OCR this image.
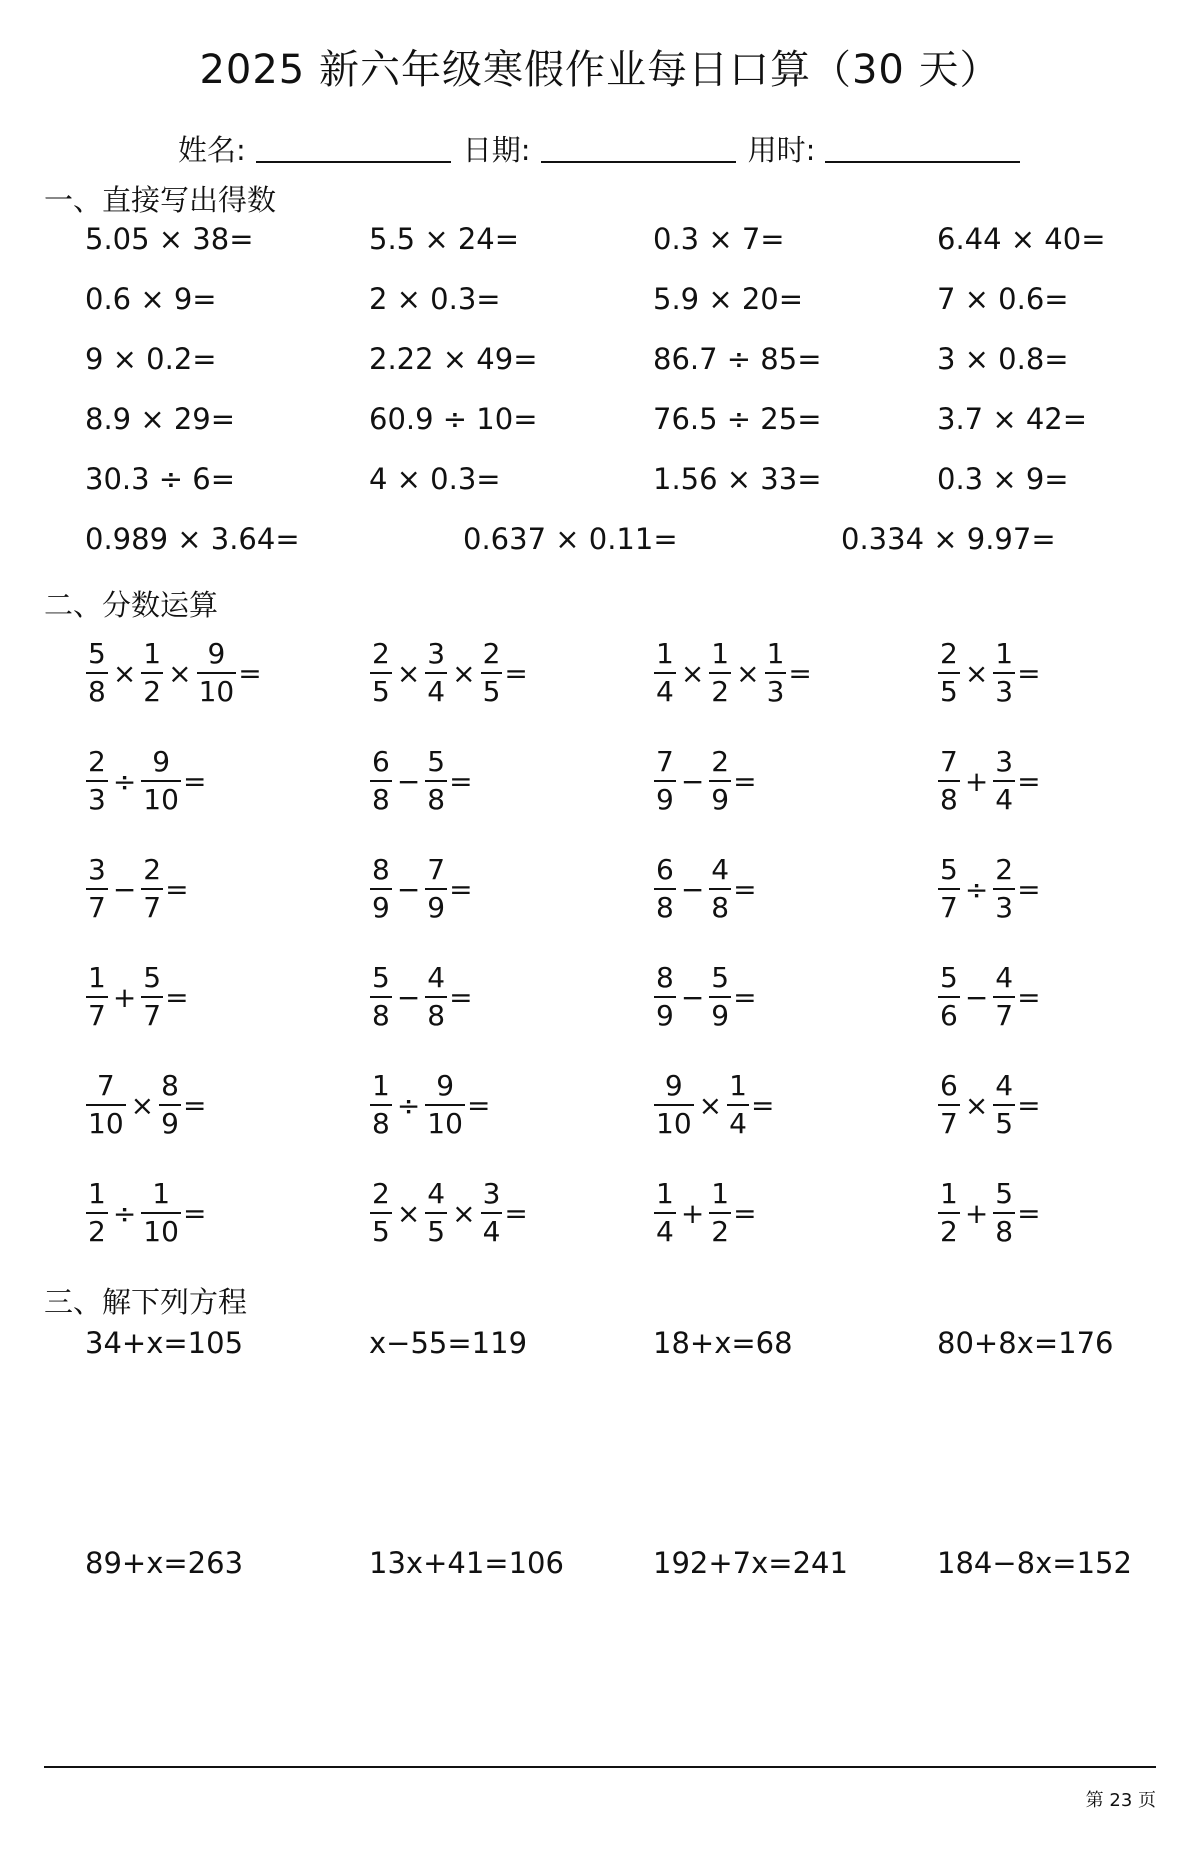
2025 新六年级寒假作业每日口算（30 天）
姓名:	日期:	用时:
一、直接写出得数
5.05 × 38=	5.5 × 24=	0.3 × 7=	6.44 × 40=
0.6 × 9=	2 × 0.3=	5.9 × 20=	7 × 0.6=
9 × 0.2=	2.22 × 49=	86.7 ÷ 85=	3 × 0.8=
8.9 × 29=	60.9 ÷ 10=	76.5 ÷ 25=	3.7 × 42=
30.3 ÷ 6=	4 × 0.3=	1.56 × 33=	0.3 × 9=
0.989 × 3.64=	0.637 × 0.11=	0.334 × 9.97=
二、分数运算
$\frac{5}{8} \times \frac{1}{2} \times \frac{9}{10}$ =	$\frac{2}{5} \times \frac{3}{4} \times \frac{2}{5}$ =	$\frac{1}{4} \times \frac{1}{2} \times \frac{1}{3}$ =	$\frac{2}{5} \times \frac{1}{3}$ =
$\frac{2}{3} \div \frac{9}{10}$ =	$\frac{6}{8} - \frac{5}{8}$ =	$\frac{7}{9} - \frac{2}{9}$ =	$\frac{7}{8} + \frac{3}{4}$ =
$\frac{3}{7} - \frac{2}{7}$ =	$\frac{8}{9} - \frac{7}{9}$ =	$\frac{6}{8} - \frac{4}{8}$ =	$\frac{5}{7} \div \frac{2}{3}$ =
$\frac{1}{7} + \frac{5}{7}$ =	$\frac{5}{8} - \frac{4}{8}$ =	$\frac{8}{9} - \frac{5}{9}$ =	$\frac{5}{6} - \frac{4}{7}$ =
$\frac{7}{10} \times \frac{8}{9}$ =	$\frac{1}{8} \div \frac{9}{10}$ =	$\frac{9}{10} \times \frac{1}{4}$ =	$\frac{6}{7} \times \frac{4}{5}$ =
$\frac{1}{2} \div \frac{1}{10}$ =	$\frac{2}{5} \times \frac{4}{5} \times \frac{3}{4}$ =	$\frac{1}{4} + \frac{1}{2}$ =	$\frac{1}{2} + \frac{5}{8}$ =
三、解下列方程
34+x=105	x−55=119	18+x=68	80+8x=176
89+x=263	13x+41=106	192+7x=241	184−8x=152
第 23 页
